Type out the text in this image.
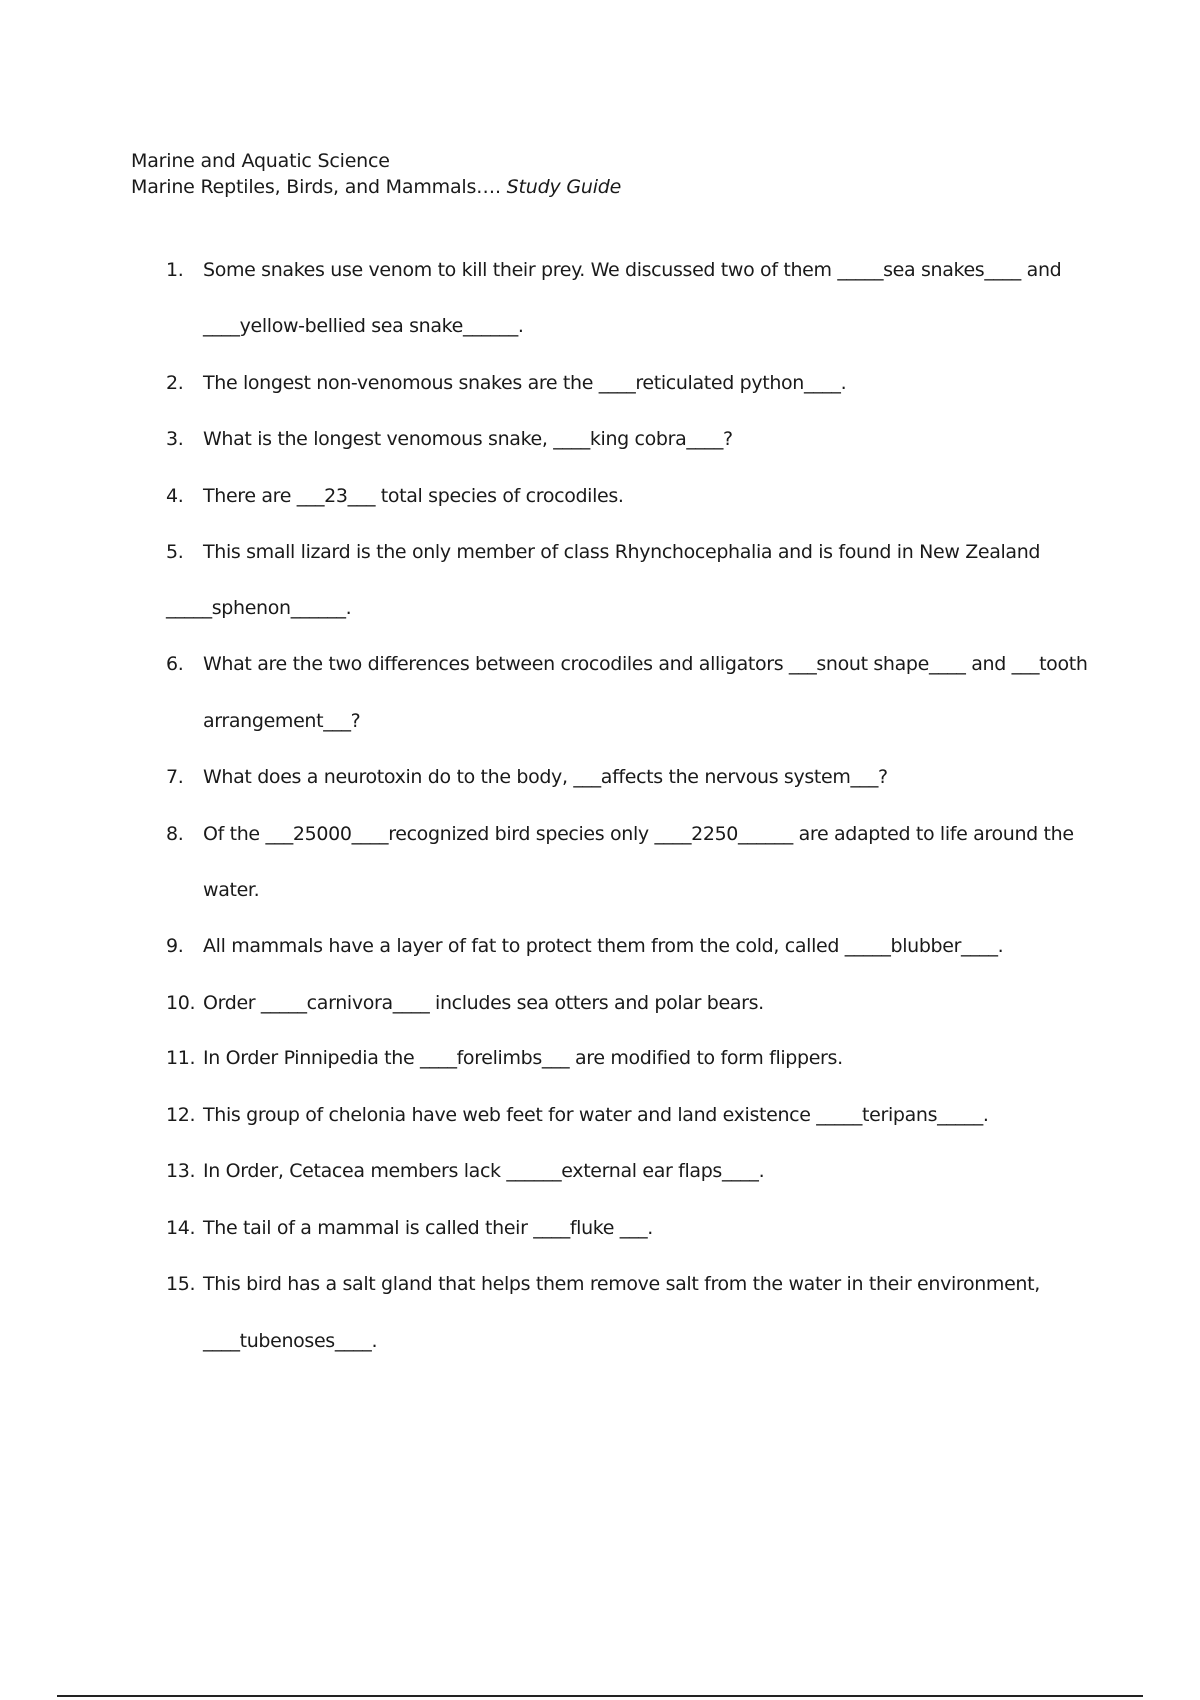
Marine and Aquatic Science
Marine Reptiles, Birds, and Mammals…. Study Guide
1. Some snakes use venom to kill their prey. We discussed two of them _____sea snakes____ and
____yellow-bellied sea snake______.
2. The longest non-venomous snakes are the ____reticulated python____.
3. What is the longest venomous snake, ____king cobra____?
4. There are ___23___ total species of crocodiles.
5. This small lizard is the only member of class Rhynchocephalia and is found in New Zealand
_____sphenon______.
6. What are the two differences between crocodiles and alligators ___snout shape____ and ___tooth
arrangement___?
7. What does a neurotoxin do to the body, ___affects the nervous system___?
8. Of the ___25000____recognized bird species only ____2250______ are adapted to life around the
water.
9. All mammals have a layer of fat to protect them from the cold, called _____blubber____.
10. Order _____carnivora____ includes sea otters and polar bears.
11. In Order Pinnipedia the ____forelimbs___ are modified to form flippers.
12. This group of chelonia have web feet for water and land existence _____teripans_____.
13. In Order, Cetacea members lack ______external ear flaps____.
14. The tail of a mammal is called their ____fluke ___.
15. This bird has a salt gland that helps them remove salt from the water in their environment,
____tubenoses____.
